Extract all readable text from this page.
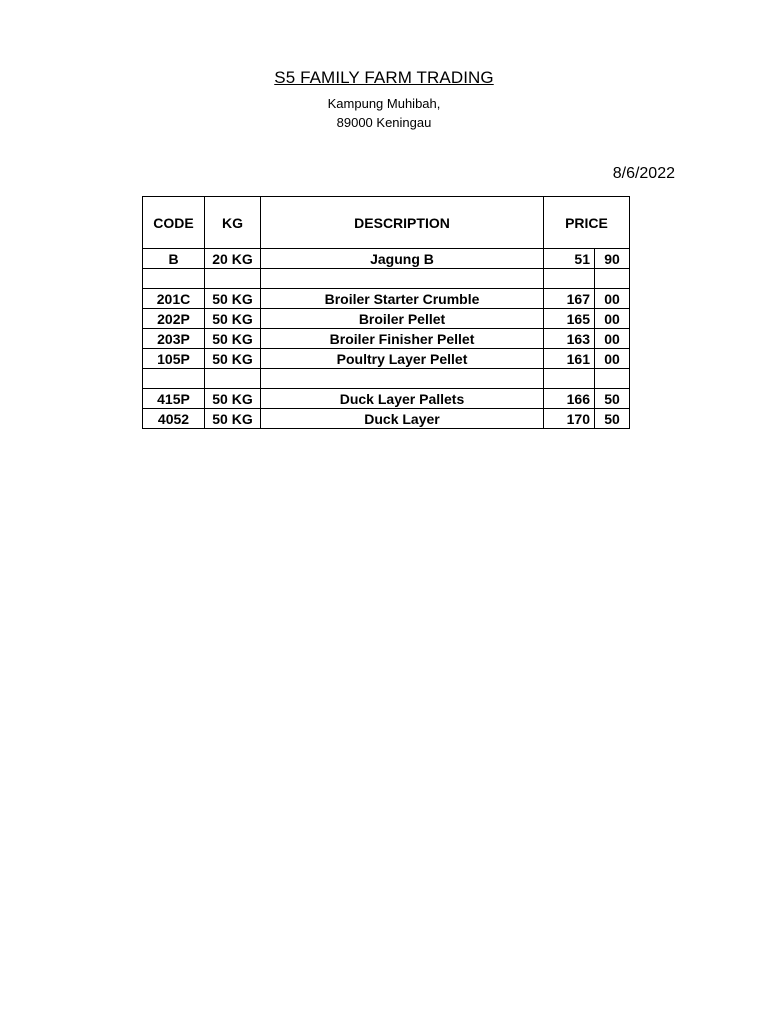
S5 FAMILY FARM TRADING
Kampung Muhibah,
89000 Keningau
8/6/2022
CODE	KG	DESCRIPTION	PRICE	
B	20 KG	Jagung B	51	90

201C	50 KG	Broiler Starter Crumble	167	00
202P	50 KG	Broiler Pellet	165	00
203P	50 KG	Broiler Finisher Pellet	163	00
105P	50 KG	Poultry Layer Pellet	161	00

415P	50 KG	Duck Layer Pallets	166	50
4052	50 KG	Duck Layer	170	50
